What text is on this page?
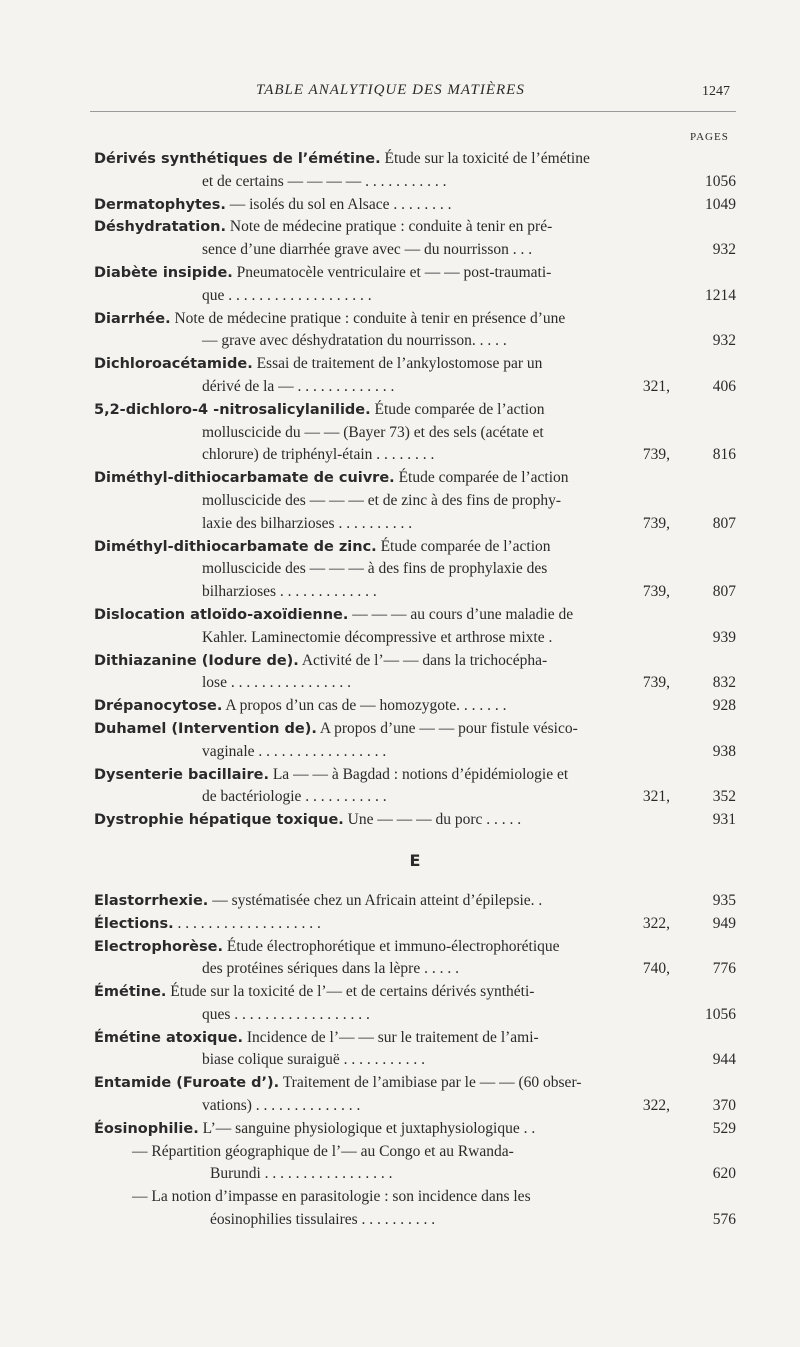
TABLE ANALYTIQUE DES MATIÈRES	1247
PAGES
Dérivés synthétiques de l’émétine. Étude sur la toxicité de l’émétine
et de certains — — — — . . . . . . . . . . .	1056
Dermatophytes. — isolés du sol en Alsace . . . . . . . .	1049
Déshydratation. Note de médecine pratique : conduite à tenir en pré-
sence d’une diarrhée grave avec — du nourrisson . . .	932
Diabète insipide. Pneumatocèle ventriculaire et — — post-traumati-
que . . . . . . . . . . . . . . . . . . .	1214
Diarrhée. Note de médecine pratique : conduite à tenir en présence d’une
— grave avec déshydratation du nourrisson. . . . .	932
Dichloroacétamide. Essai de traitement de l’ankylostomose par un
dérivé de la — . . . . . . . . . . . . .	321,	406
5,2-dichloro-4 -nitrosalicylanilide. Étude comparée de l’action
molluscicide du — — (Bayer 73) et des sels (acétate et
chlorure) de triphényl-étain . . . . . . . .	739,	816
Diméthyl-dithiocarbamate de cuivre. Étude comparée de l’action
molluscicide des — — — et de zinc à des fins de prophy-
laxie des bilharzioses . . . . . . . . . .	739,	807
Diméthyl-dithiocarbamate de zinc. Étude comparée de l’action
molluscicide des — — — à des fins de prophylaxie des
bilharzioses . . . . . . . . . . . . .	739,	807
Dislocation atloïdo-axoïdienne. — — — au cours d’une maladie de
Kahler. Laminectomie décompressive et arthrose mixte .	939
Dithiazanine (Iodure de). Activité de l’— — dans la trichocépha-
lose . . . . . . . . . . . . . . . .	739,	832
Drépanocytose. A propos d’un cas de — homozygote. . . . . . .	928
Duhamel (Intervention de). A propos d’une — — pour fistule vésico-
vaginale . . . . . . . . . . . . . . . . .	938
Dysenterie bacillaire. La — — à Bagdad : notions d’épidémiologie et
de bactériologie . . . . . . . . . . .	321,	352
Dystrophie hépatique toxique. Une — — — du porc . . . . .	931
E
Elastorrhexie. — systématisée chez un Africain atteint d’épilepsie. .	935
Élections. . . . . . . . . . . . . . . . . . . .	322,	949
Electrophorèse. Étude électrophorétique et immuno-électrophorétique
des protéines sériques dans la lèpre . . . . .	740,	776
Émétine. Étude sur la toxicité de l’— et de certains dérivés synthéti-
ques . . . . . . . . . . . . . . . . . .	1056
Émétine atoxique. Incidence de l’— — sur le traitement de l’ami-
biase colique suraiguë . . . . . . . . . . .	944
Entamide (Furoate d’). Traitement de l’amibiase par le — — (60 obser-
vations) . . . . . . . . . . . . . .	322,	370
Éosinophilie. L’— sanguine physiologique et juxtaphysiologique . .	529
— Répartition géographique de l’— au Congo et au Rwanda-
Burundi . . . . . . . . . . . . . . . . .	620
— La notion d’impasse en parasitologie : son incidence dans les
éosinophilies tissulaires . . . . . . . . . .	576
